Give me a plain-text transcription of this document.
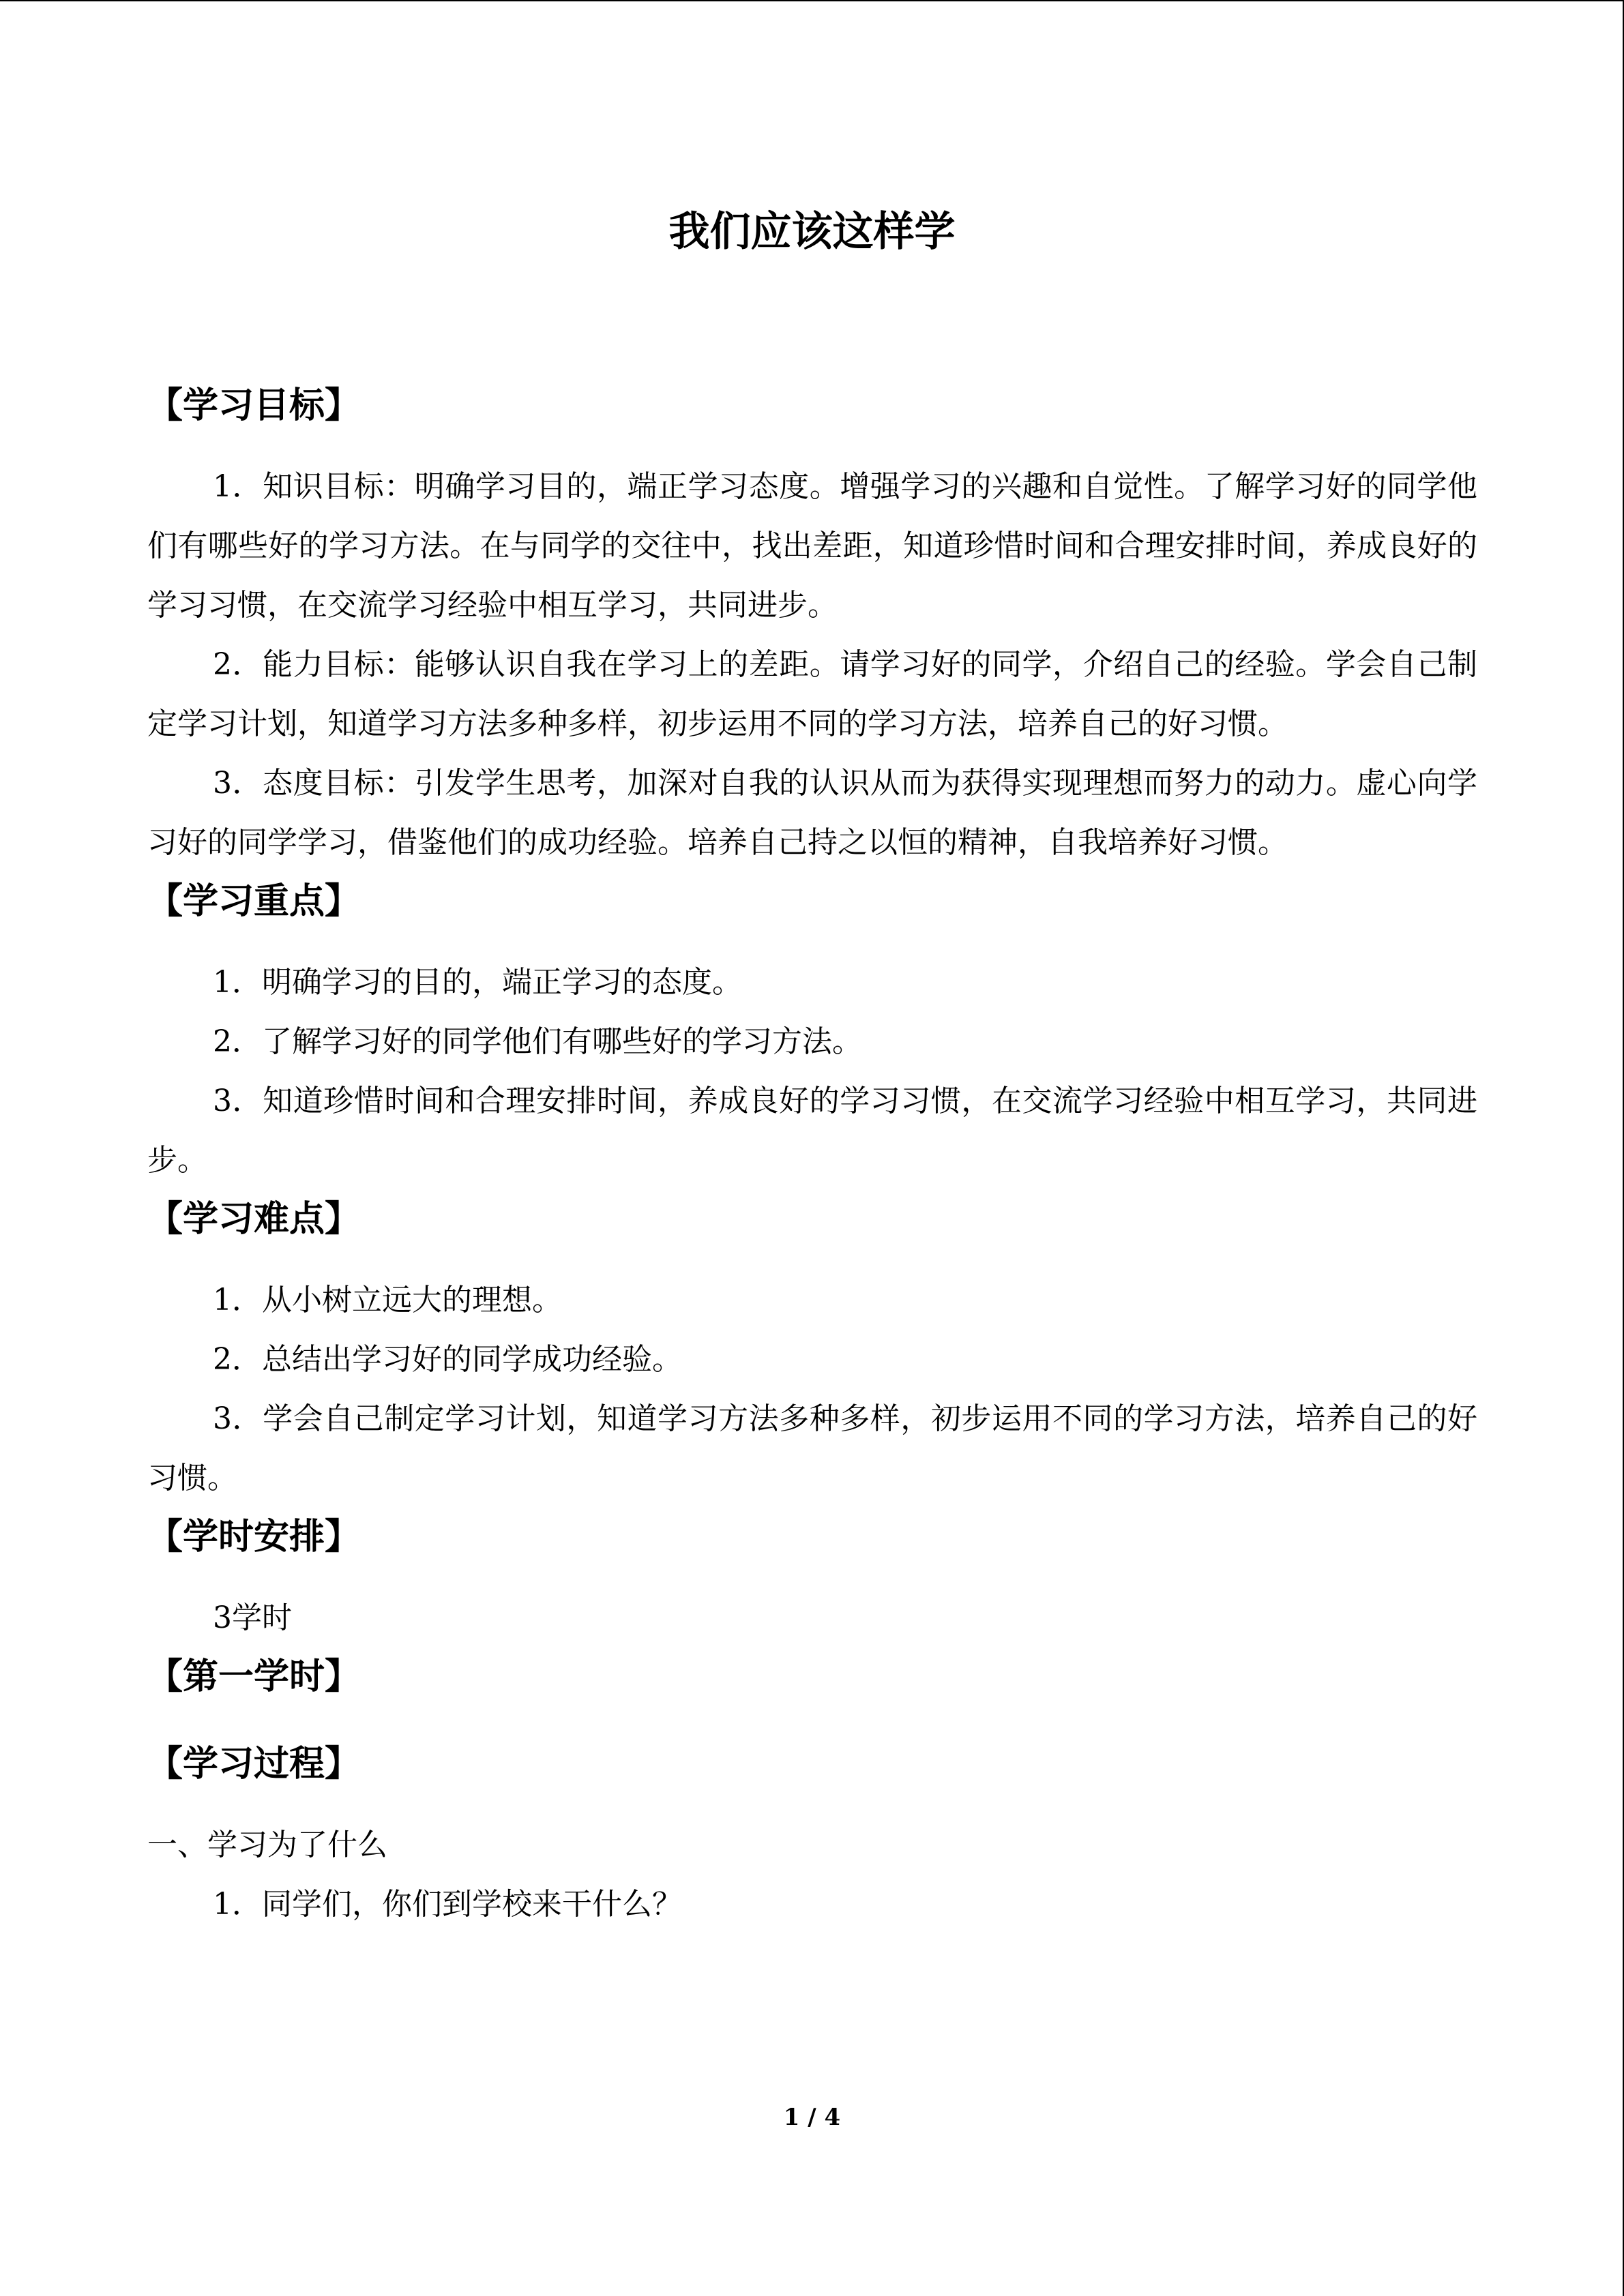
我们应该这样学
【学习目标】

1．知识目标：明确学习目的，端正学习态度。增强学习的兴趣和自觉性。了解学习好的同学他们有哪些好的学习方法。在与同学的交往中，找出差距，知道珍惜时间和合理安排时间，养成良好的学习习惯，在交流学习经验中相互学习，共同进步。

2．能力目标：能够认识自我在学习上的差距。请学习好的同学，介绍自己的经验。学会自己制定学习计划，知道学习方法多种多样，初步运用不同的学习方法，培养自己的好习惯。

3．态度目标：引发学生思考，加深对自我的认识从而为获得实现理想而努力的动力。虚心向学习好的同学学习，借鉴他们的成功经验。培养自己持之以恒的精神，自我培养好习惯。

【学习重点】

1．明确学习的目的，端正学习的态度。

2．了解学习好的同学他们有哪些好的学习方法。

3．知道珍惜时间和合理安排时间，养成良好的学习习惯，在交流学习经验中相互学习，共同进步。

【学习难点】

1．从小树立远大的理想。

2．总结出学习好的同学成功经验。

3．学会自己制定学习计划，知道学习方法多种多样，初步运用不同的学习方法，培养自己的好习惯。

【学时安排】

3学时

【第一学时】
【学习过程】

一、学习为了什么

1．同学们，你们到学校来干什么？

1 / 4
